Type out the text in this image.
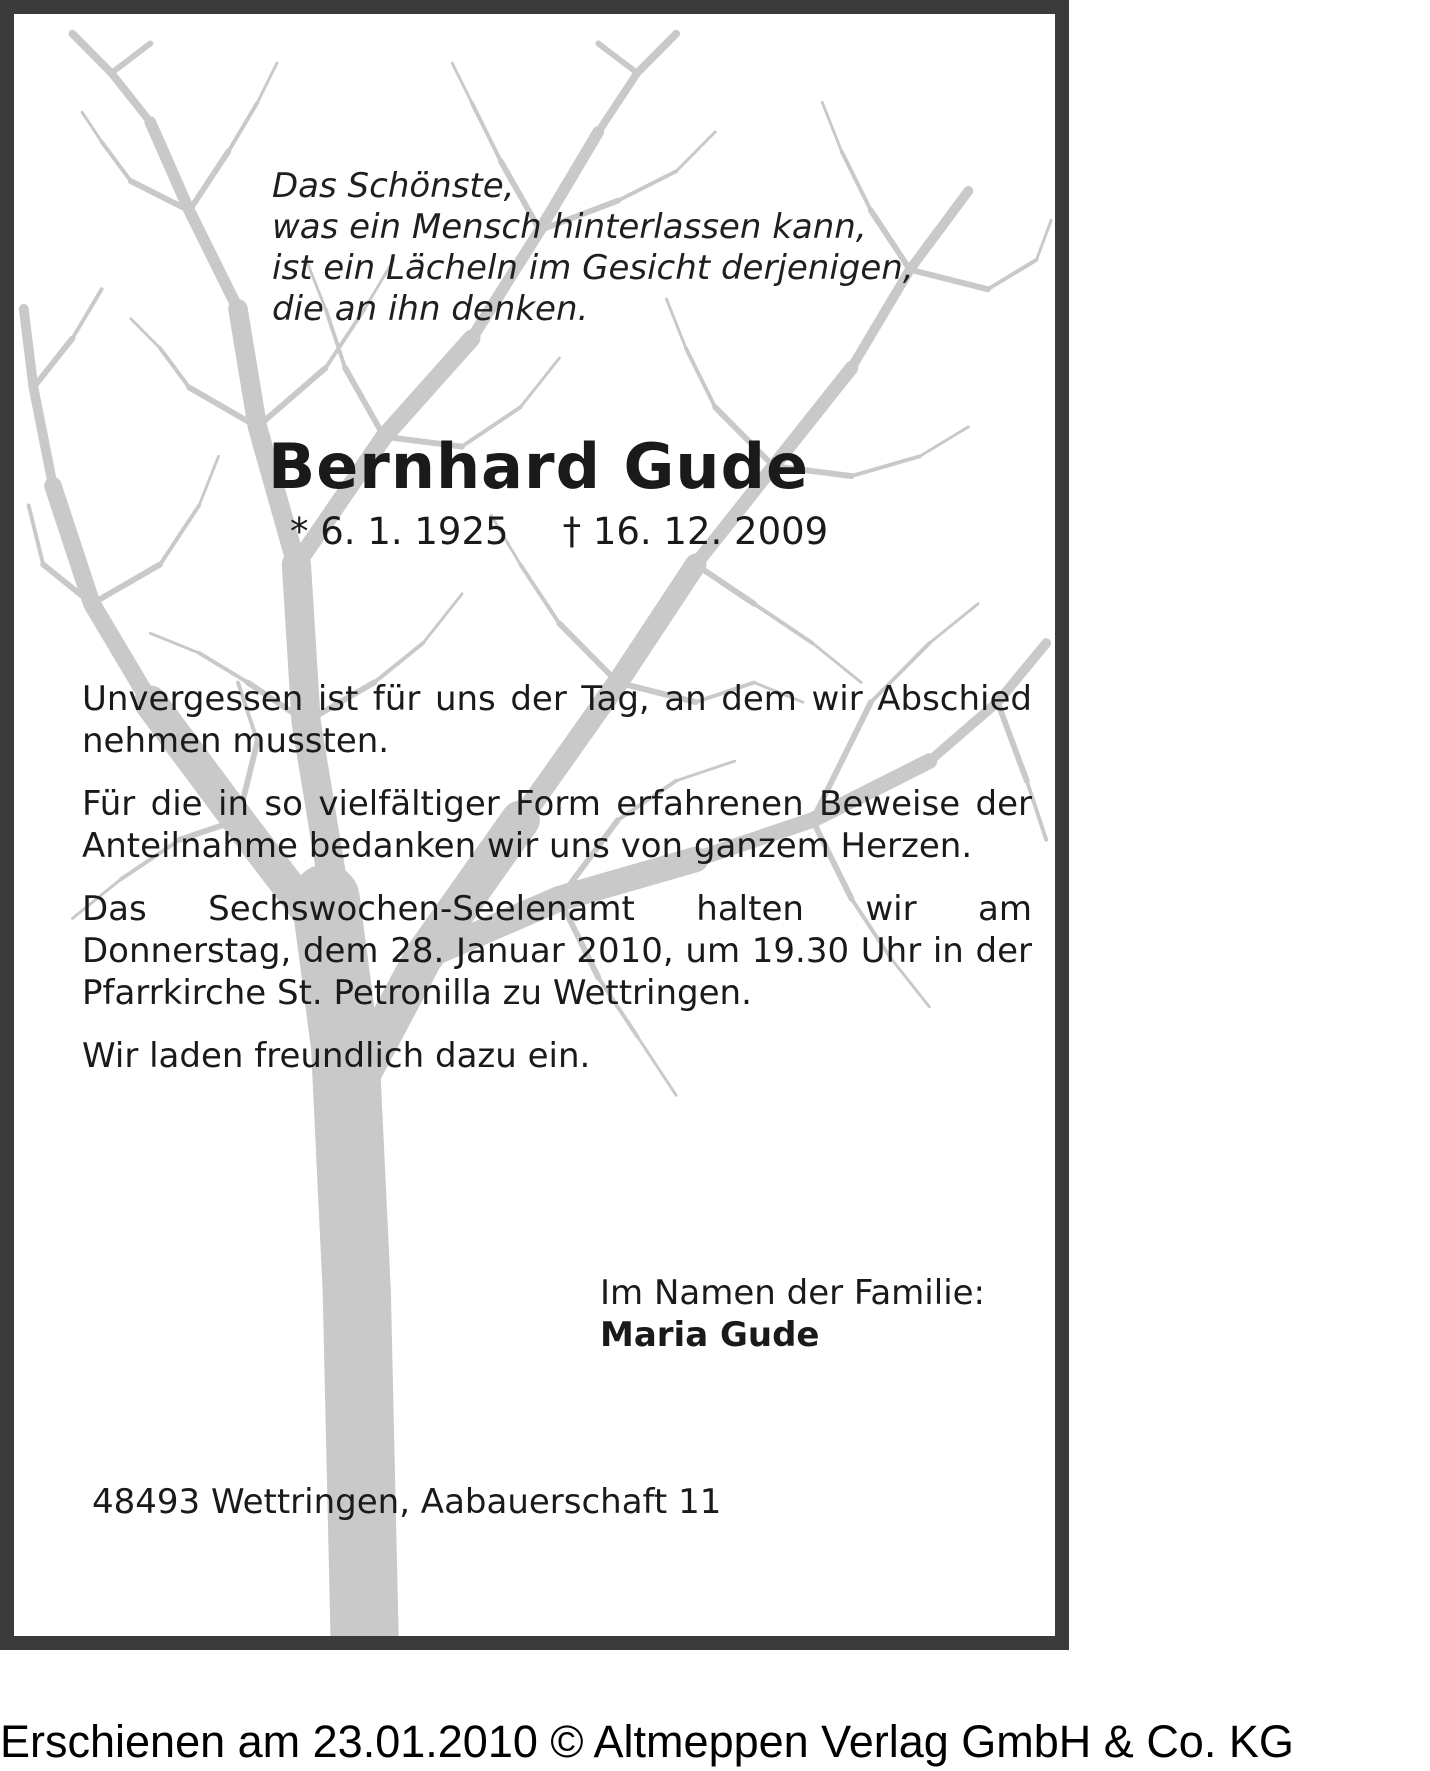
Das Schönste,
was ein Mensch hinterlassen kann,
ist ein Lächeln im Gesicht derjenigen,
die an ihn denken.
Bernhard Gude
* 6. 1. 1925 † 16. 12. 2009

Unvergessen ist für uns der Tag, an dem wir Abschied nehmen mussten.

Für die in so vielfältiger Form erfahrenen Beweise der Anteilnahme bedanken wir uns von ganzem Herzen.

Das Sechswochen-Seelenamt halten wir am Donnerstag, dem 28. Januar 2010, um 19.30 Uhr in der Pfarrkirche St. Petronilla zu Wettringen.

Wir laden freundlich dazu ein.

Im Namen der Familie:
Maria Gude
48493 Wettringen, Aabauerschaft 11
Erschienen am 23.01.2010 © Altmeppen Verlag GmbH & Co. KG
